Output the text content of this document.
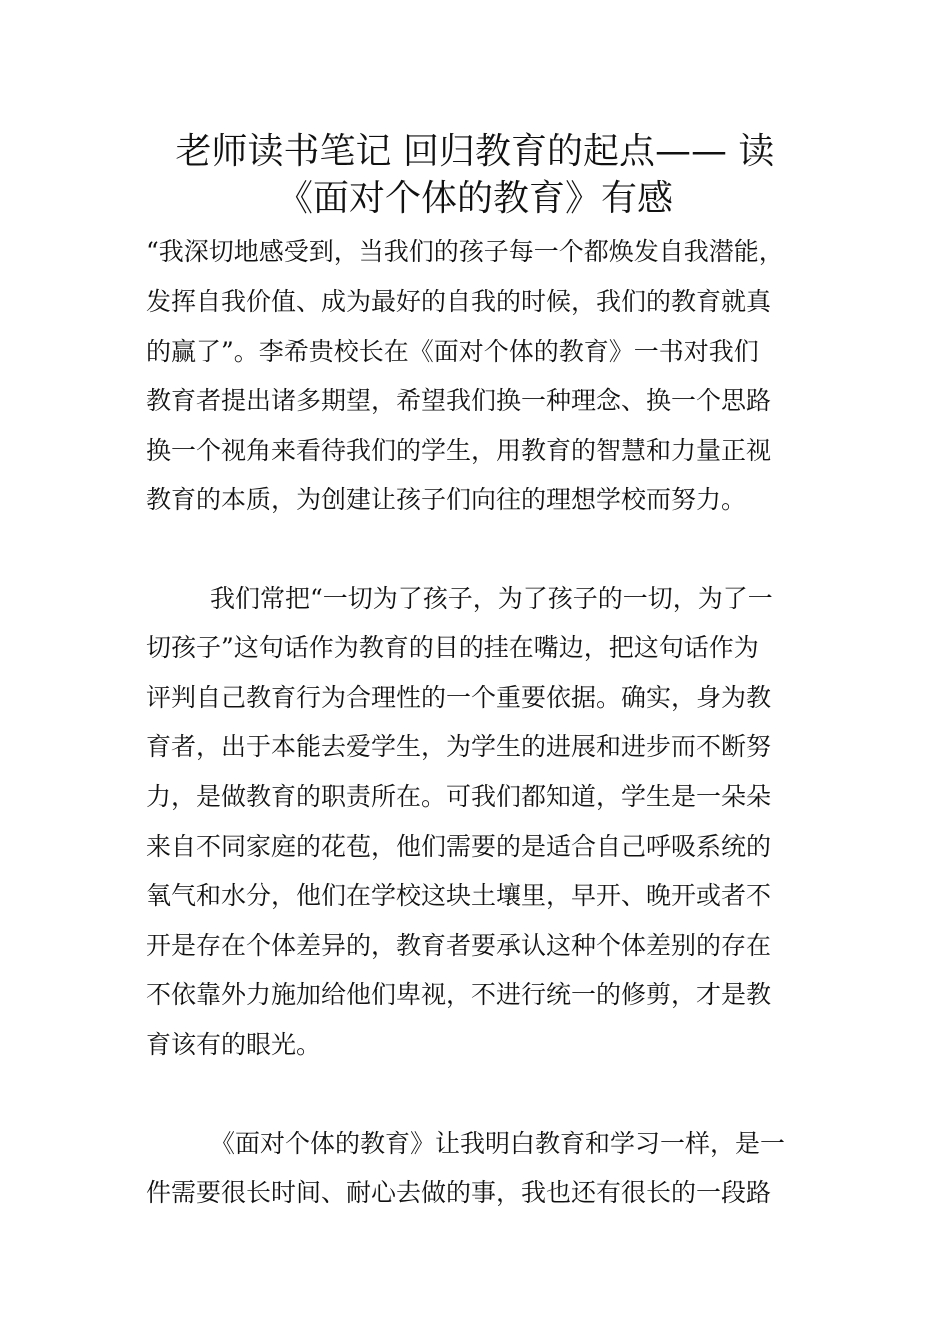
老师读书笔记 回归教育的起点—— 读
《面对个体的教育》有感
“我深切地感受到，当我们的孩子每一个都焕发自我潜能，
发挥自我价值、成为最好的自我的时候，我们的教育就真
的赢了”。李希贵校长在《面对个体的教育》一书对我们
教育者提出诸多期望，希望我们换一种理念、换一个思路
换一个视角来看待我们的学生，用教育的智慧和力量正视
教育的本质，为创建让孩子们向往的理想学校而努力。
我们常把“一切为了孩子，为了孩子的一切，为了一
切孩子”这句话作为教育的目的挂在嘴边，把这句话作为
评判自己教育行为合理性的一个重要依据。确实，身为教
育者，出于本能去爱学生，为学生的进展和进步而不断努
力，是做教育的职责所在。可我们都知道，学生是一朵朵
来自不同家庭的花苞，他们需要的是适合自己呼吸系统的
氧气和水分，他们在学校这块土壤里，早开、晚开或者不
开是存在个体差异的，教育者要承认这种个体差别的存在
不依靠外力施加给他们卑视，不进行统一的修剪，才是教
育该有的眼光。
《面对个体的教育》让我明白教育和学习一样，是一
件需要很长时间、耐心去做的事，我也还有很长的一段路
